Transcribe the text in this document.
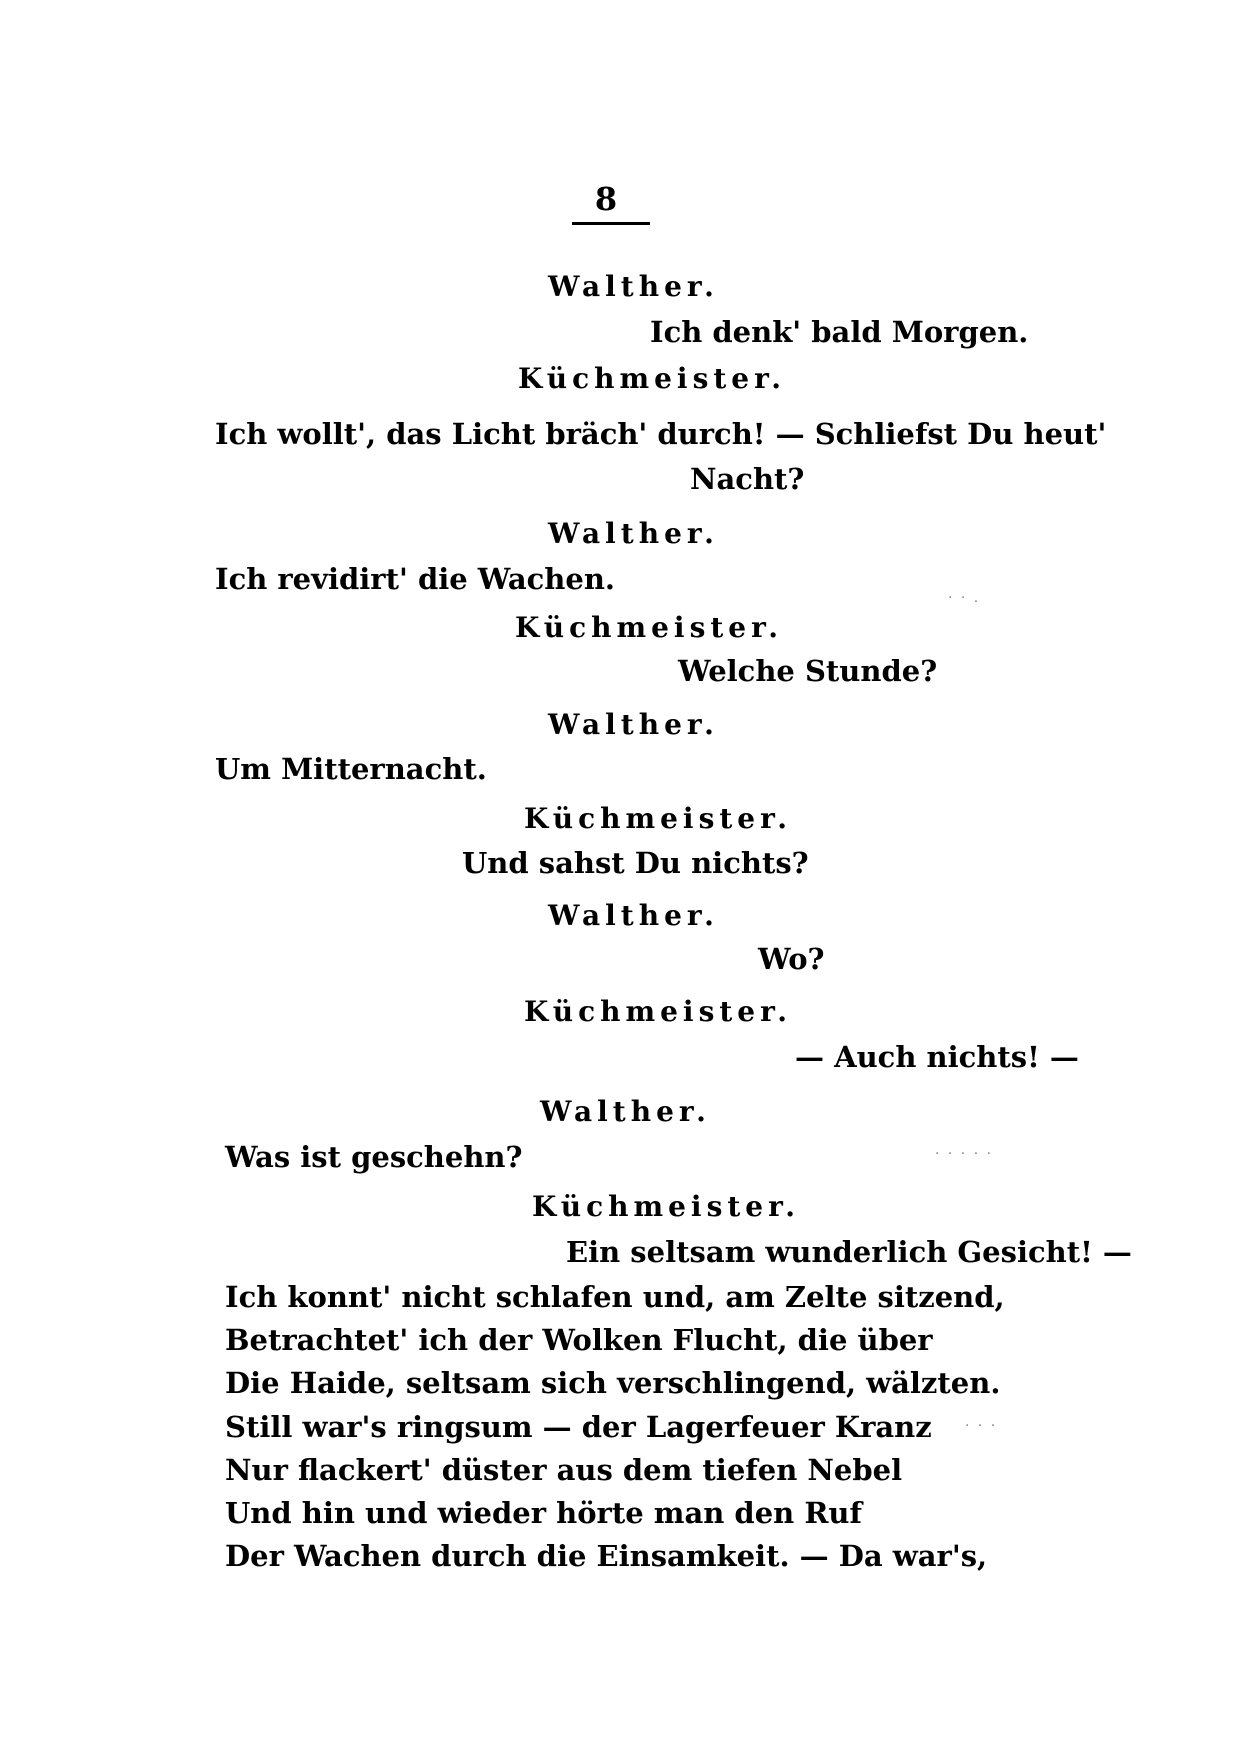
8
Walther.
Ich denk' bald Morgen.
Küchmeister.
Ich wollt', das Licht bräch' durch! — Schliefst Du heut'
Nacht?
Walther.
Ich revidirt' die Wachen.
Küchmeister.
Welche Stunde?
Walther.
Um Mitternacht.
Küchmeister.
Und sahst Du nichts?
Walther.
Wo?
Küchmeister.
— Auch nichts! —
Walther.
Was ist geschehn?
Küchmeister.
Ein seltsam wunderlich Gesicht! —
Ich konnt' nicht schlafen und, am Zelte sitzend,
Betrachtet' ich der Wolken Flucht, die über
Die Haide, seltsam sich verschlingend, wälzten.
Still war's ringsum — der Lagerfeuer Kranz
Nur flackert' düster aus dem tiefen Nebel
Und hin und wieder hörte man den Ruf
Der Wachen durch die Einsamkeit. — Da war's,
· · .
· · · · ·
· · ·
